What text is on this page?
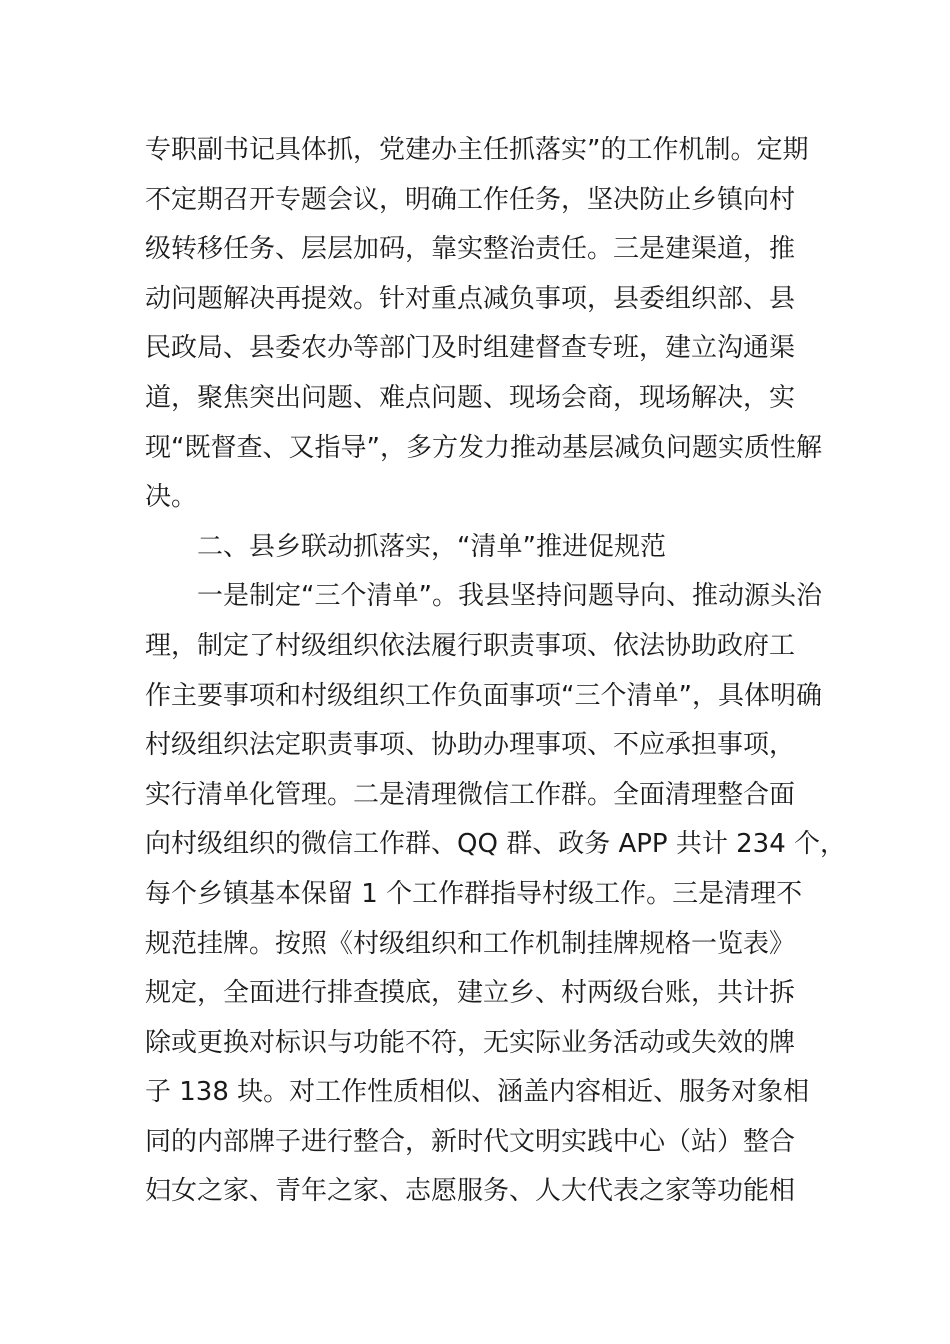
专职副书记具体抓，党建办主任抓落实”的工作机制。定期
不定期召开专题会议，明确工作任务，坚决防止乡镇向村
级转移任务、层层加码，靠实整治责任。三是建渠道，推
动问题解决再提效。针对重点减负事项，县委组织部、县
民政局、县委农办等部门及时组建督查专班，建立沟通渠
道，聚焦突出问题、难点问题、现场会商，现场解决，实
现“既督查、又指导”，多方发力推动基层减负问题实质性解
决。
二、县乡联动抓落实，“清单”推进促规范
一是制定“三个清单”。我县坚持问题导向、推动源头治
理，制定了村级组织依法履行职责事项、依法协助政府工
作主要事项和村级组织工作负面事项“三个清单”，具体明确
村级组织法定职责事项、协助办理事项、不应承担事项，
实行清单化管理。二是清理微信工作群。全面清理整合面
向村级组织的微信工作群、QQ 群、政务 APP 共计 234 个，
每个乡镇基本保留 1 个工作群指导村级工作。三是清理不
规范挂牌。按照《村级组织和工作机制挂牌规格一览表》
规定，全面进行排查摸底，建立乡、村两级台账，共计拆
除或更换对标识与功能不符，无实际业务活动或失效的牌
子 138 块。对工作性质相似、涵盖内容相近、服务对象相
同的内部牌子进行整合，新时代文明实践中心（站）整合
妇女之家、青年之家、志愿服务、人大代表之家等功能相
